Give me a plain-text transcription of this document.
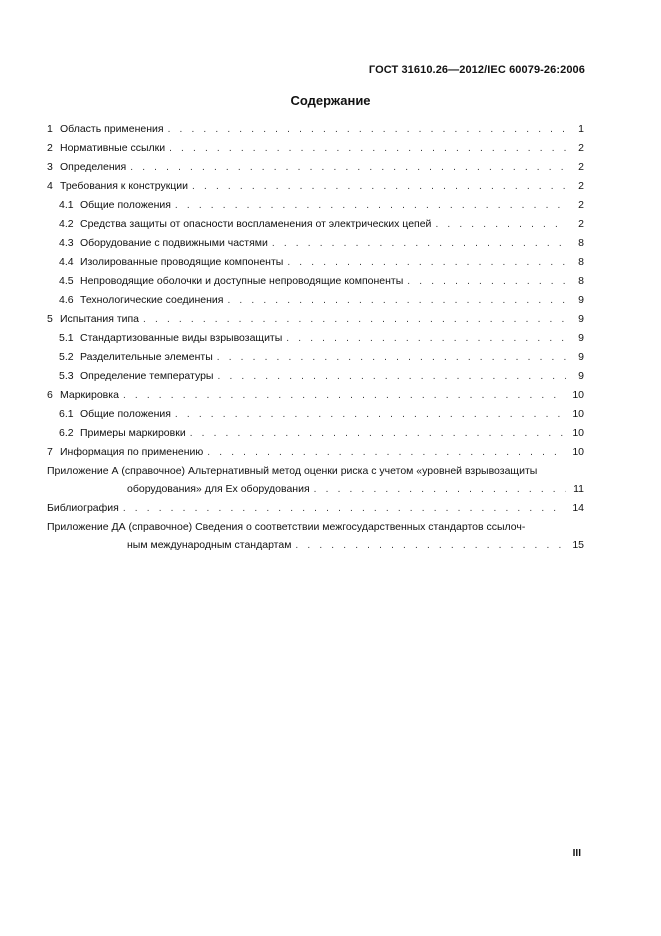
ГОСТ 31610.26—2012/IEC 60079-26:2006
Содержание
1 Область применения . . .	1
2 Нормативные ссылки . . .	2
3 Определения . . .	2
4 Требования к конструкции . . .	2
4.1 Общие положения . . .	2
4.2 Средства защиты от опасности воспламенения от электрических цепей . . .	2
4.3 Оборудование с подвижными частями . . .	8
4.4 Изолированные проводящие компоненты . . .	8
4.5 Непроводящие оболочки и доступные непроводящие компоненты . . .	8
4.6 Технологические соединения . . .	9
5 Испытания типа . . .	9
5.1 Стандартизованные виды взрывозащиты . . .	9
5.2 Разделительные элементы . . .	9
5.3 Определение температуры . . .	9
6 Маркировка . . .	10
6.1 Общие положения . . .	10
6.2 Примеры маркировки . . .	10
7 Информация по применению . . .	10
Приложение А (справочное) Альтернативный метод оценки риска с учетом «уровней взрывозащиты
оборудования» для Ex оборудования . . .	11
Библиография . . .	14
Приложение ДА (справочное) Сведения о соответствии межгосударственных стандартов ссылоч-
ным международным стандартам . . .	15
III
